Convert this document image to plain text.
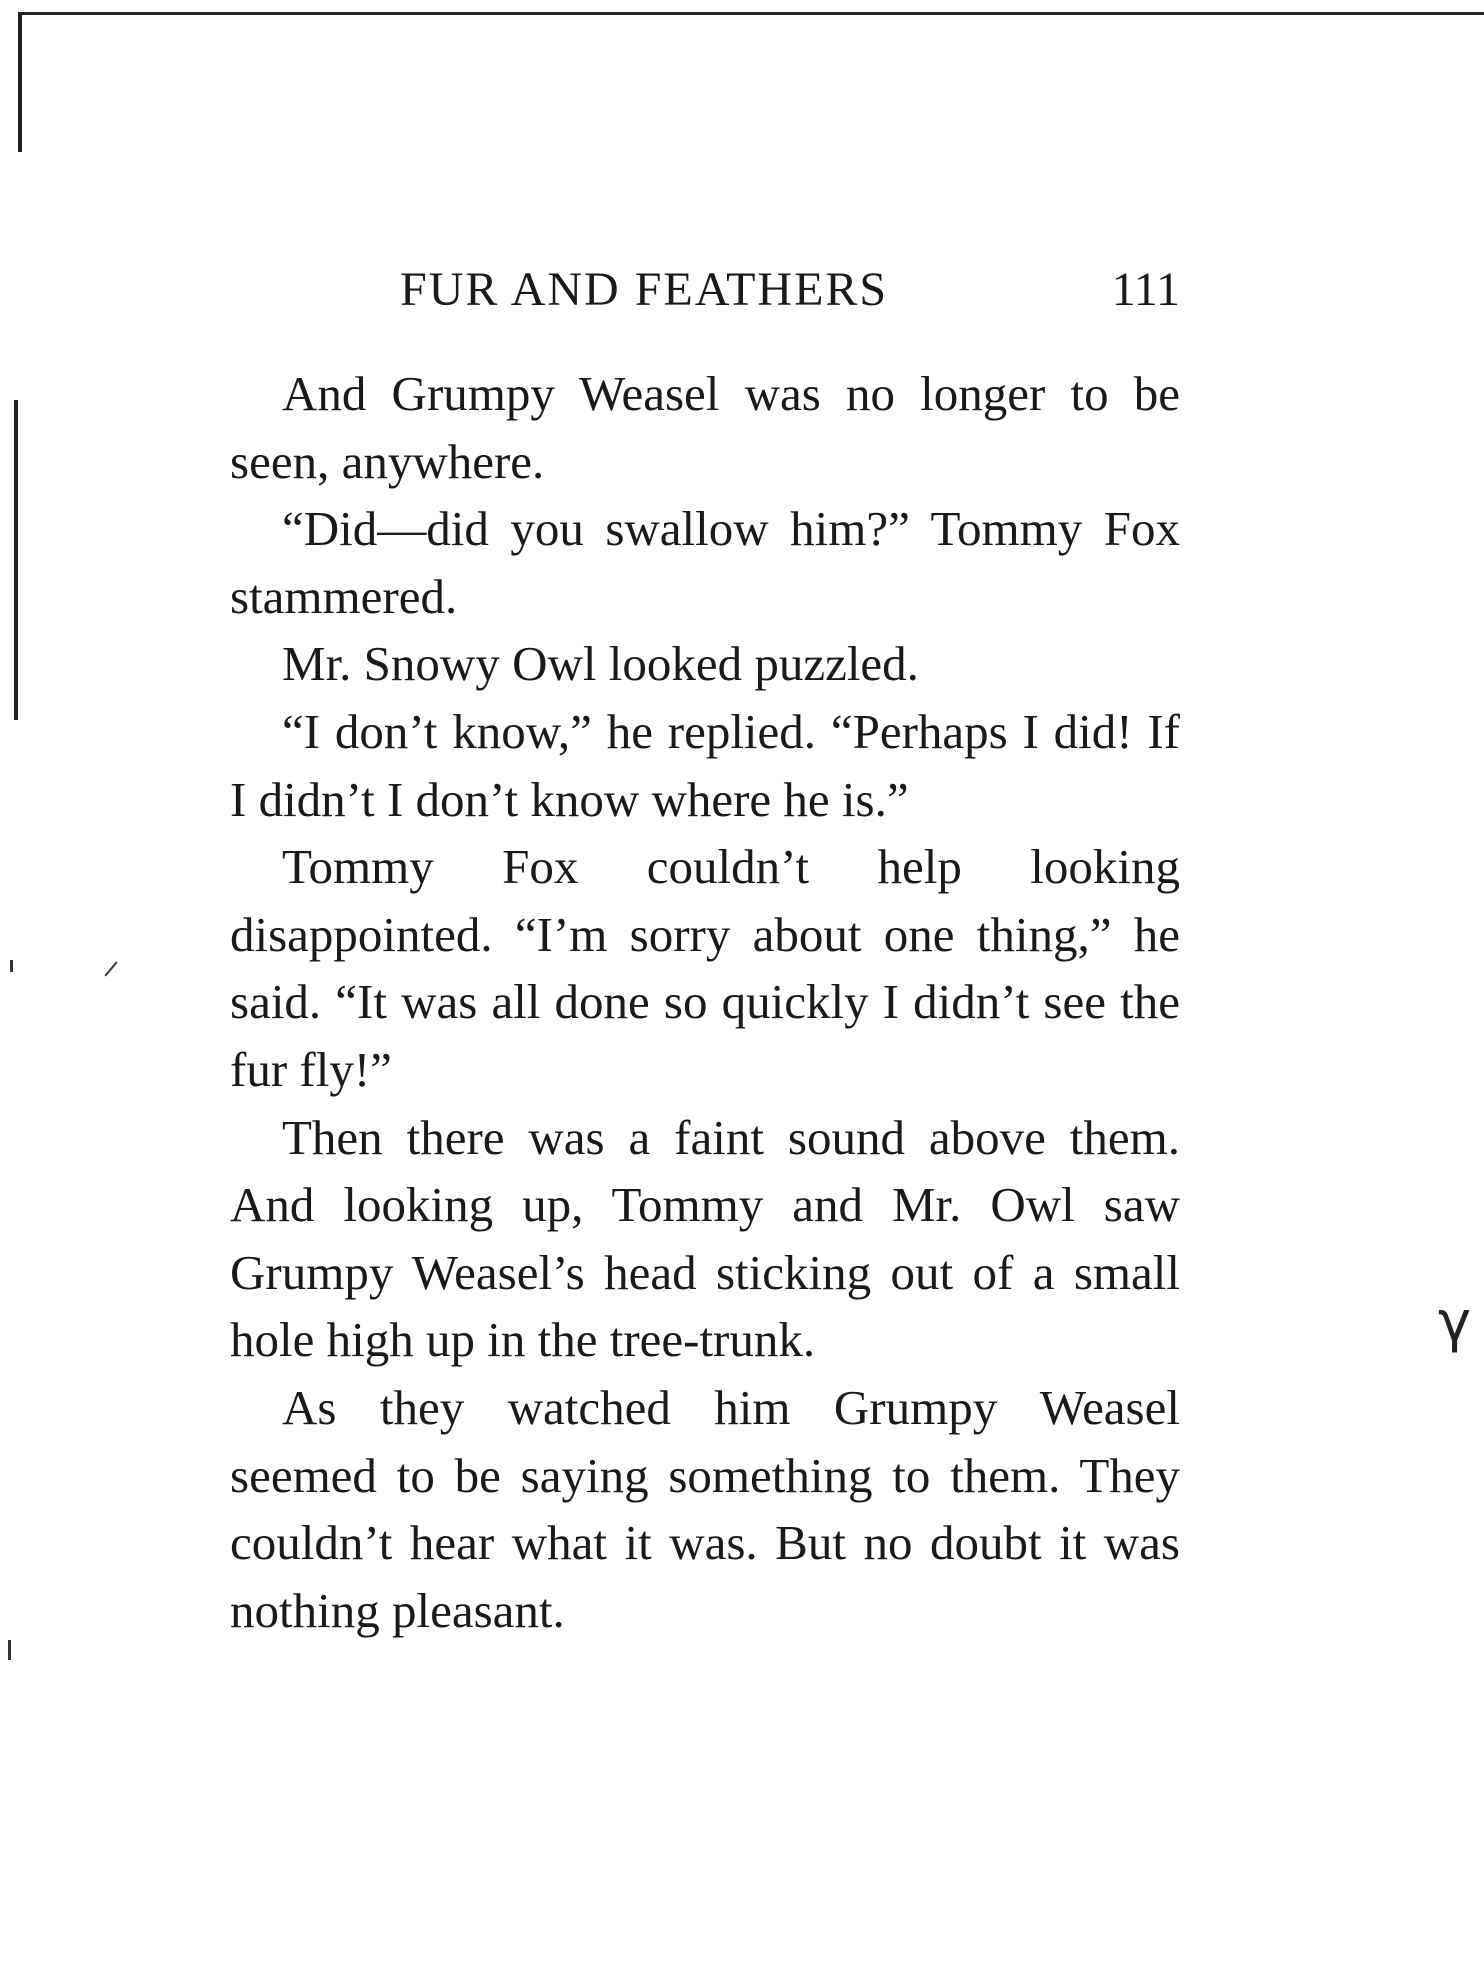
FUR AND FEATHERS	111

And Grumpy Weasel was no longer to be seen, anywhere.

“Did—did you swallow him?” Tommy Fox stammered.

Mr. Snowy Owl looked puzzled.

“I don’t know,” he replied. “Perhaps I did! If I didn’t I don’t know where he is.”

Tommy Fox couldn’t help looking disappointed. “I’m sorry about one thing,” he said. “It was all done so quickly I didn’t see the fur fly!”

Then there was a faint sound above them. And looking up, Tommy and Mr. Owl saw Grumpy Weasel’s head sticking out of a small hole high up in the tree-trunk.

As they watched him Grumpy Weasel seemed to be saying something to them. They couldn’t hear what it was. But no doubt it was nothing pleasant.

γ
